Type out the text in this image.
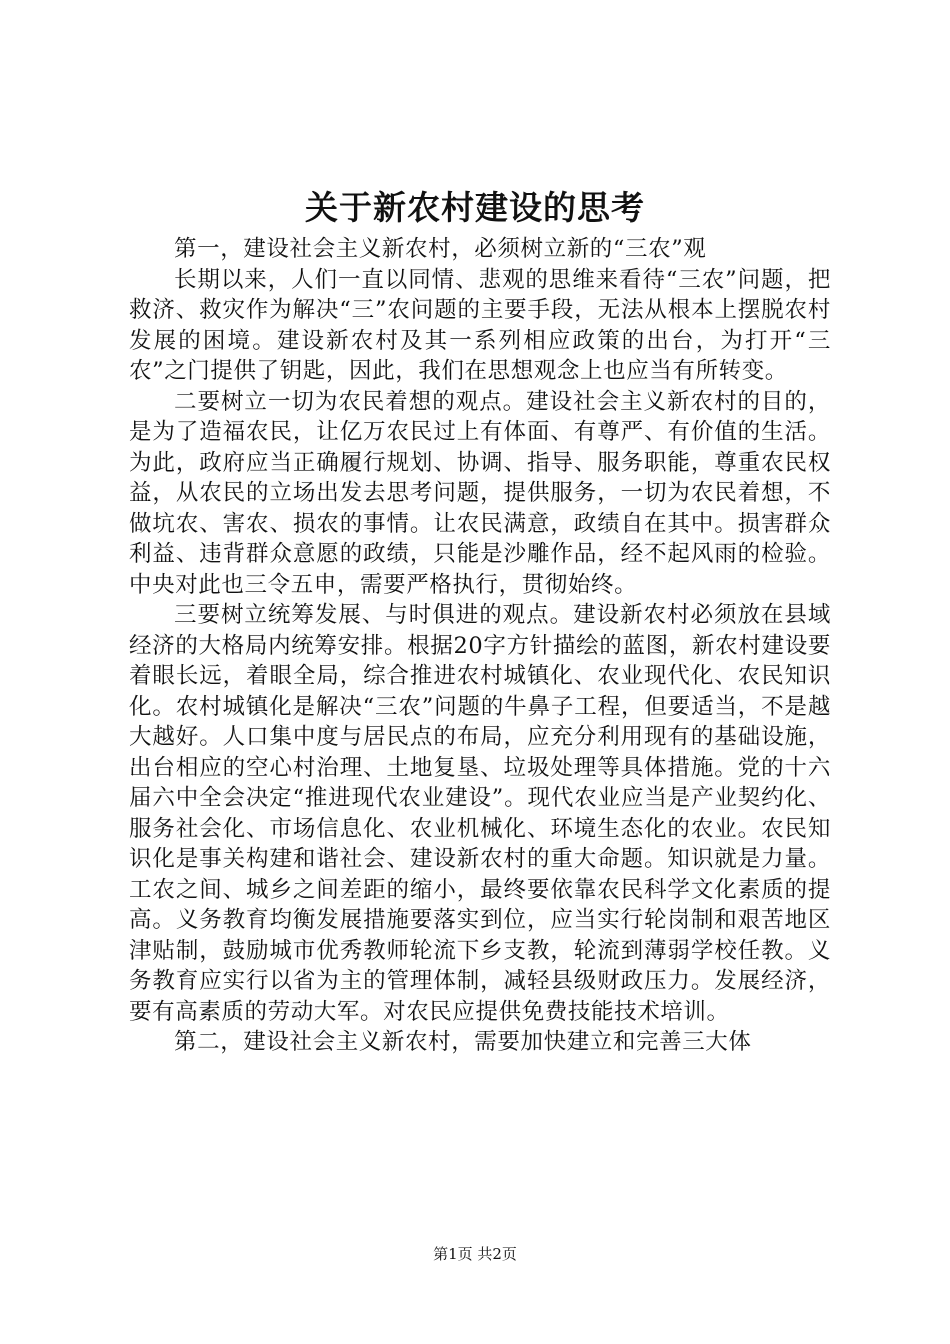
关于新农村建设的思考

第一，建设社会主义新农村，必须树立新的“三农”观

长期以来，人们一直以同情、悲观的思维来看待“三农”问题，把救济、救灾作为解决“三”农问题的主要手段，无法从根本上摆脱农村发展的困境。建设新农村及其一系列相应政策的出台，为打开“三农”之门提供了钥匙，因此，我们在思想观念上也应当有所转变。

二要树立一切为农民着想的观点。建设社会主义新农村的目的，是为了造福农民，让亿万农民过上有体面、有尊严、有价值的生活。为此，政府应当正确履行规划、协调、指导、服务职能，尊重农民权益，从农民的立场出发去思考问题，提供服务，一切为农民着想，不做坑农、害农、损农的事情。让农民满意，政绩自在其中。损害群众利益、违背群众意愿的政绩，只能是沙雕作品，经不起风雨的检验。中央对此也三令五申，需要严格执行，贯彻始终。

三要树立统筹发展、与时俱进的观点。建设新农村必须放在县域经济的大格局内统筹安排。根据20字方针描绘的蓝图，新农村建设要着眼长远，着眼全局，综合推进农村城镇化、农业现代化、农民知识化。农村城镇化是解决“三农”问题的牛鼻子工程，但要适当，不是越大越好。人口集中度与居民点的布局，应充分利用现有的基础设施，出台相应的空心村治理、土地复垦、垃圾处理等具体措施。党的十六届六中全会决定“推进现代农业建设”。现代农业应当是产业契约化、服务社会化、市场信息化、农业机械化、环境生态化的农业。农民知识化是事关构建和谐社会、建设新农村的重大命题。知识就是力量。工农之间、城乡之间差距的缩小，最终要依靠农民科学文化素质的提高。义务教育均衡发展措施要落实到位，应当实行轮岗制和艰苦地区津贴制，鼓励城市优秀教师轮流下乡支教，轮流到薄弱学校任教。义务教育应实行以省为主的管理体制，减轻县级财政压力。发展经济，要有高素质的劳动大军。对农民应提供免费技能技术培训。

第二，建设社会主义新农村，需要加快建立和完善三大体

第1页 共2页
